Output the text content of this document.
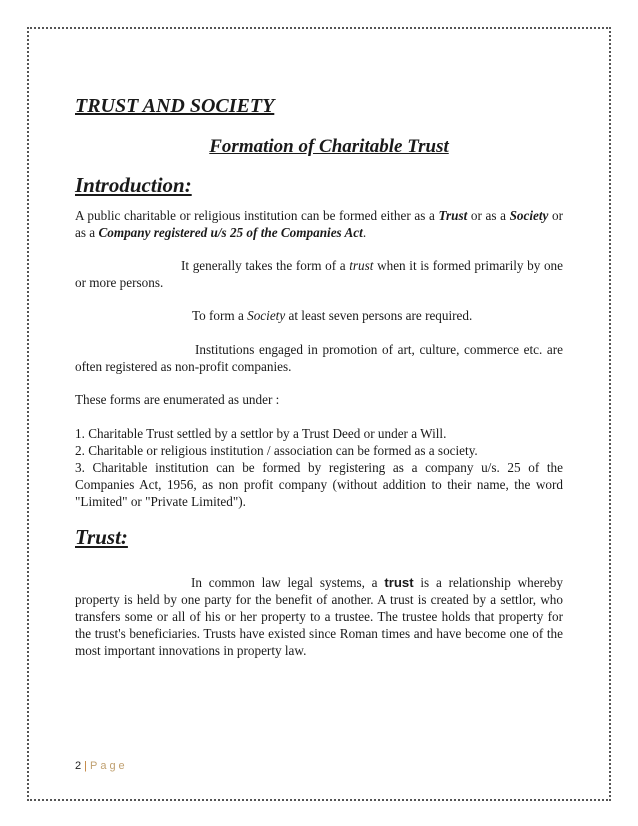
TRUST AND SOCIETY
Formation of Charitable Trust
Introduction:

A public charitable or religious institution can be formed either as a Trust or as a Society or as a Company registered u/s 25 of the Companies Act.

It generally takes the form of a trust when it is formed primarily by one or more persons.

To form a Society at least seven persons are required.

Institutions engaged in promotion of art, culture, commerce etc. are often registered as non-profit companies.

These forms are enumerated as under :

1. Charitable Trust settled by a settlor by a Trust Deed or under a Will.

2. Charitable or religious institution / association can be formed as a society.

3. Charitable institution can be formed by registering as a company u/s. 25 of the Companies Act, 1956, as non profit company (without addition to their name, the word "Limited" or "Private Limited").

Trust:

In common law legal systems, a trust is a relationship whereby property is held by one party for the benefit of another. A trust is created by a settlor, who transfers some or all of his or her property to a trustee. The trustee holds that property for the trust's beneficiaries. Trusts have existed since Roman times and have become one of the most important innovations in property law.

2 | Page
